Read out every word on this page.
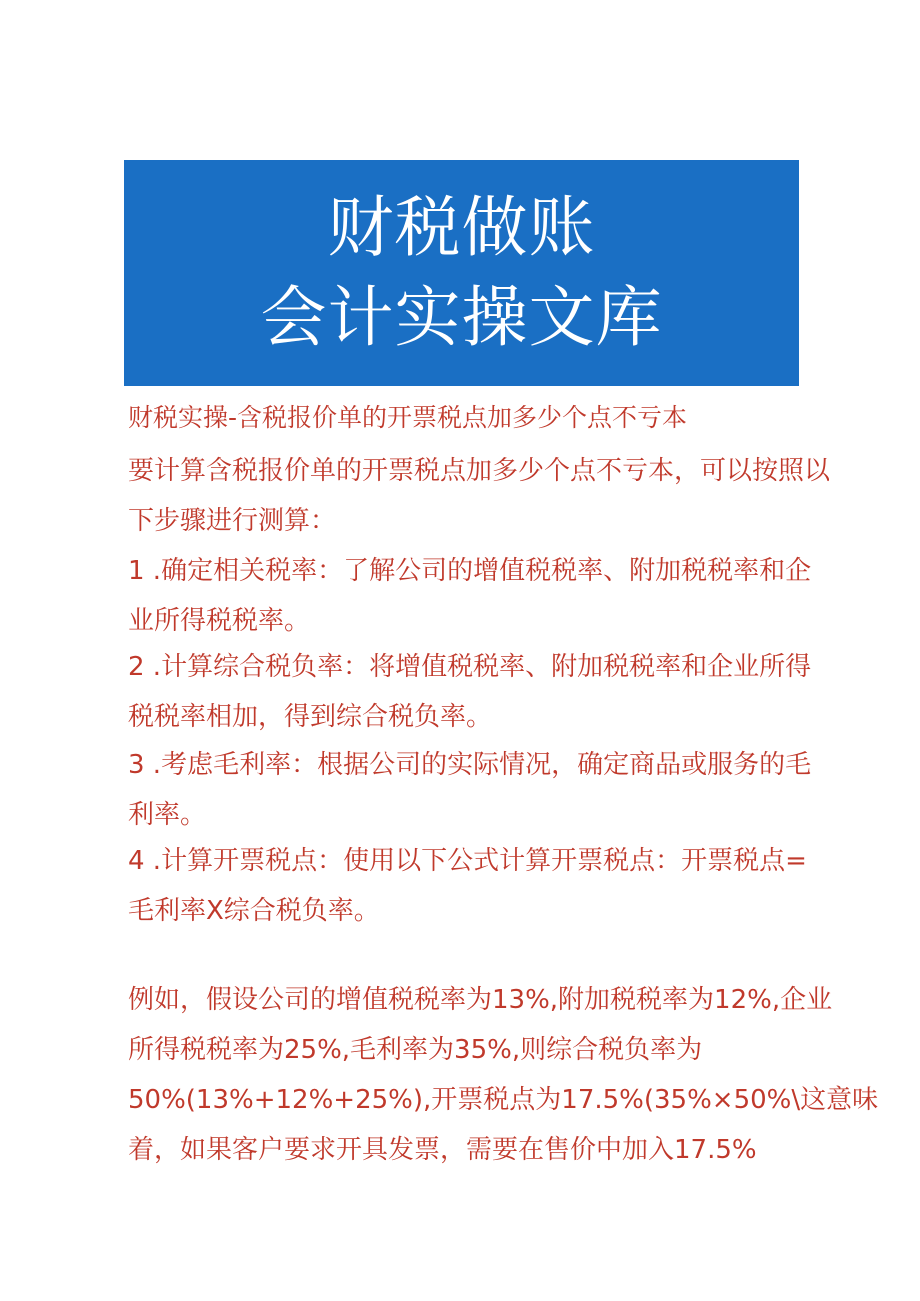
财税做账
会计实操文库
财税实操-含税报价单的开票税点加多少个点不亏本
要计算含税报价单的开票税点加多少个点不亏本，可以按照以
下步骤进行测算：
1 .确定相关税率：了解公司的增值税税率、附加税税率和企
业所得税税率。
2 .计算综合税负率：将增值税税率、附加税税率和企业所得
税税率相加，得到综合税负率。
3 .考虑毛利率：根据公司的实际情况，确定商品或服务的毛
利率。
4 .计算开票税点：使用以下公式计算开票税点：开票税点=
毛利率X综合税负率。
例如，假设公司的增值税税率为13%,附加税税率为12%,企业
所得税税率为25%,毛利率为35%,则综合税负率为
50%(13%+12%+25%),开票税点为17.5%(35%×50%\这意味
着，如果客户要求开具发票，需要在售价中加入17.5%
